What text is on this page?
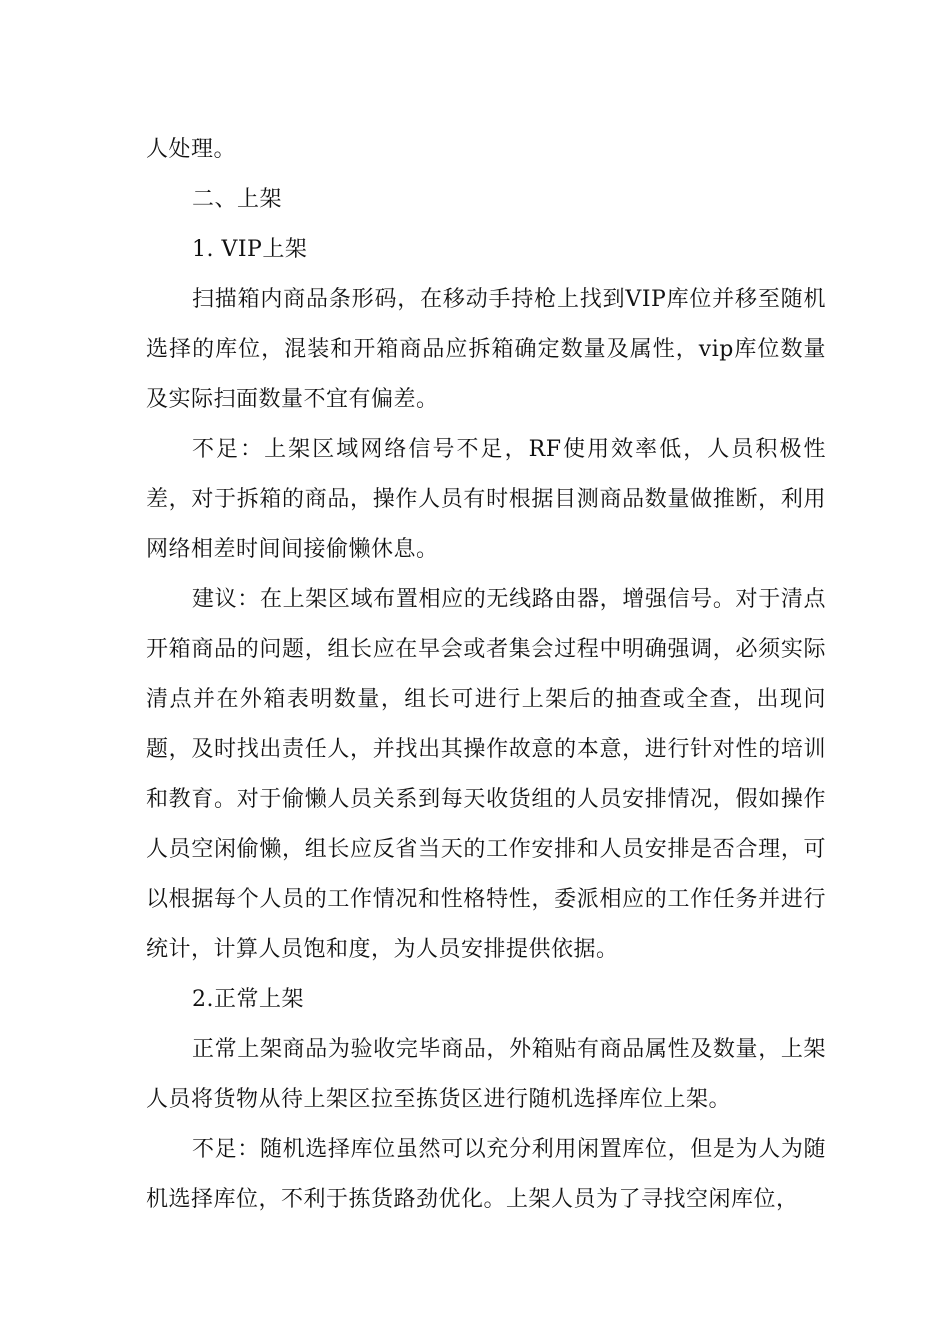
人处理。

二、上架

1. VIP上架

扫描箱内商品条形码，在移动手持枪上找到VIP库位并移至随机选择的库位，混装和开箱商品应拆箱确定数量及属性，vip库位数量及实际扫面数量不宜有偏差。

不足：上架区域网络信号不足，RF使用效率低，人员积极性差，对于拆箱的商品，操作人员有时根据目测商品数量做推断，利用网络相差时间间接偷懒休息。

建议：在上架区域布置相应的无线路由器，增强信号。对于清点开箱商品的问题，组长应在早会或者集会过程中明确强调，必须实际清点并在外箱表明数量，组长可进行上架后的抽查或全查，出现问题，及时找出责任人，并找出其操作故意的本意，进行针对性的培训和教育。对于偷懒人员关系到每天收货组的人员安排情况，假如操作人员空闲偷懒，组长应反省当天的工作安排和人员安排是否合理，可以根据每个人员的工作情况和性格特性，委派相应的工作任务并进行统计，计算人员饱和度，为人员安排提供依据。

2.正常上架

正常上架商品为验收完毕商品，外箱贴有商品属性及数量，上架人员将货物从待上架区拉至拣货区进行随机选择库位上架。

不足：随机选择库位虽然可以充分利用闲置库位，但是为人为随机选择库位，不利于拣货路劲优化。上架人员为了寻找空闲库位，
